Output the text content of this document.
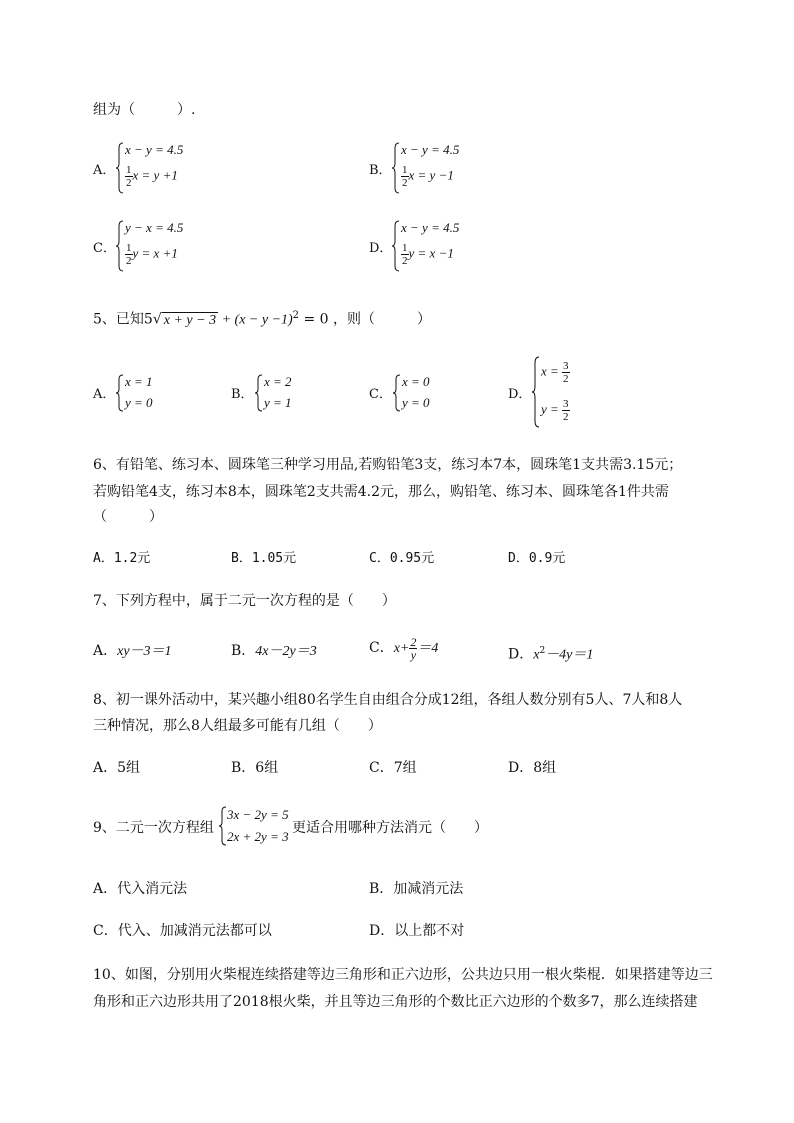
组为（　　　）.
A．
x − y = 4.5
$\frac{1}{2}$ x = y +1	B．
x − y = 4.5
$\frac{1}{2}$ x = y −1
C．
y − x = 4.5
$\frac{1}{2}$ y = x +1	D．
x − y = 4.5
$\frac{1}{2}$ y = x −1
5、已知5√ $x + y - 3 + (x - y -1)^2 = 0$ ，则（　　　）
A．
x = 1
y = 0
B．
x = 2
y = 1
C．
x = 0
y = 0
D．
$x = \frac{3}{2}$
$y = \frac{3}{2}$
6、有铅笔、练习本、圆珠笔三种学习用品,若购铅笔3支，练习本7本，圆珠笔1支共需3.15元；
若购铅笔4支，练习本8本，圆珠笔2支共需4.2元，那么，购铅笔、练习本、圆珠笔各1件共需
（　　　）
A．1.2元	B．1.05元	C．0.95元	D．0.9元
7、下列方程中，属于二元一次方程的是（　　）
A．xy－3＝1	B．4x－2y＝3	C．$x+ \frac{2}{y} =4$	D．$x^2-4y=1$
8、初一课外活动中，某兴趣小组80名学生自由组合分成12组，各组人数分别有5人、7人和8人
三种情况，那么8人组最多可能有几组（　　）
A．5组	B．6组	C．7组	D．8组
9、二元一次方程组
3x − 2y = 5
2x + 2y = 3
更适合用哪种方法消元（　　）
A．代入消元法	B．加减消元法
C．代入、加减消元法都可以	D．以上都不对
10、如图，分别用火柴棍连续搭建等边三角形和正六边形，公共边只用一根火柴棍．如果搭建等边三
角形和正六边形共用了2018根火柴，并且等边三角形的个数比正六边形的个数多7，那么连续搭建
